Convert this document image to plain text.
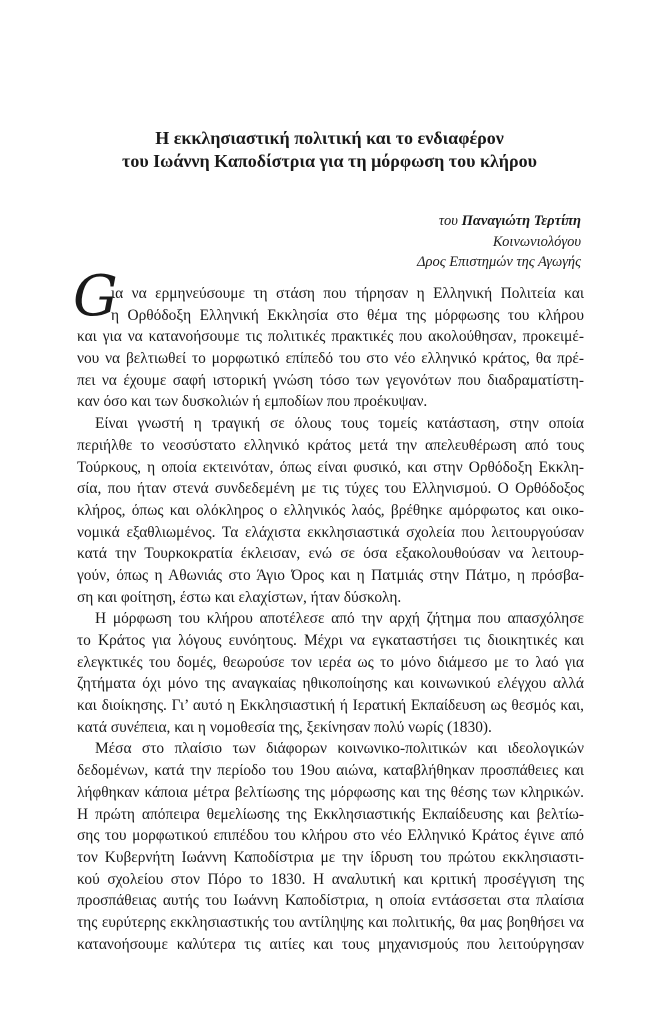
Η εκκλησιαστική πολιτική και το ενδιαφέρον
του Ιωάννη Καποδίστρια για τη μόρφωση του κλήρου
του Παναγιώτη Τερτίπη
Κοινωνιολόγου
Δρος Επιστημών της Αγωγής
G
ια να ερμηνεύσουμε τη στάση που τήρησαν η Ελληνική Πολιτεία και
η Ορθόδοξη Ελληνική Εκκλησία στο θέμα της μόρφωσης του κλήρου
και για να κατανοήσουμε τις πολιτικές πρακτικές που ακολούθησαν, προκειμέ-
νου να βελτιωθεί το μορφωτικό επίπεδό του στο νέο ελληνικό κράτος, θα πρέ-
πει να έχουμε σαφή ιστορική γνώση τόσο των γεγονότων που διαδραματίστη-
καν όσο και των δυσκολιών ή εμποδίων που προέκυψαν.
Είναι γνωστή η τραγική σε όλους τους τομείς κατάσταση, στην οποία
περιήλθε το νεοσύστατο ελληνικό κράτος μετά την απελευθέρωση από τους
Τούρκους, η οποία εκτεινόταν, όπως είναι φυσικό, και στην Ορθόδοξη Εκκλη-
σία, που ήταν στενά συνδεδεμένη με τις τύχες του Ελληνισμού. Ο Ορθόδοξος
κλήρος, όπως και ολόκληρος ο ελληνικός λαός, βρέθηκε αμόρφωτος και οικο-
νομικά εξαθλιωμένος. Τα ελάχιστα εκκλησιαστικά σχολεία που λειτουργούσαν
κατά την Τουρκοκρατία έκλεισαν, ενώ σε όσα εξακολουθούσαν να λειτουρ-
γούν, όπως η Αθωνιάς στο Άγιο Όρος και η Πατμιάς στην Πάτμο, η πρόσβα-
ση και φοίτηση, έστω και ελαχίστων, ήταν δύσκολη.
Η μόρφωση του κλήρου αποτέλεσε από την αρχή ζήτημα που απασχόλησε
το Κράτος για λόγους ευνόητους. Μέχρι να εγκαταστήσει τις διοικητικές και
ελεγκτικές του δομές, θεωρούσε τον ιερέα ως το μόνο διάμεσο με το λαό για
ζητήματα όχι μόνο της αναγκαίας ηθικοποίησης και κοινωνικού ελέγχου αλλά
και διοίκησης. Γι’ αυτό η Εκκλησιαστική ή Ιερατική Εκπαίδευση ως θεσμός και,
κατά συνέπεια, και η νομοθεσία της, ξεκίνησαν πολύ νωρίς (1830).
Μέσα στο πλαίσιο των διάφορων κοινωνικο-πολιτικών και ιδεολογικών
δεδομένων, κατά την περίοδο του 19ου αιώνα, καταβλήθηκαν προσπάθειες και
λήφθηκαν κάποια μέτρα βελτίωσης της μόρφωσης και της θέσης των κληρικών.
Η πρώτη απόπειρα θεμελίωσης της Εκκλησιαστικής Εκπαίδευσης και βελτίω-
σης του μορφωτικού επιπέδου του κλήρου στο νέο Ελληνικό Κράτος έγινε από
τον Κυβερνήτη Ιωάννη Καποδίστρια με την ίδρυση του πρώτου εκκλησιαστι-
κού σχολείου στον Πόρο το 1830. Η αναλυτική και κριτική προσέγγιση της
προσπάθειας αυτής του Ιωάννη Καποδίστρια, η οποία εντάσσεται στα πλαίσια
της ευρύτερης εκκλησιαστικής του αντίληψης και πολιτικής, θα μας βοηθήσει να
κατανοήσουμε καλύτερα τις αιτίες και τους μηχανισμούς που λειτούργησαν
